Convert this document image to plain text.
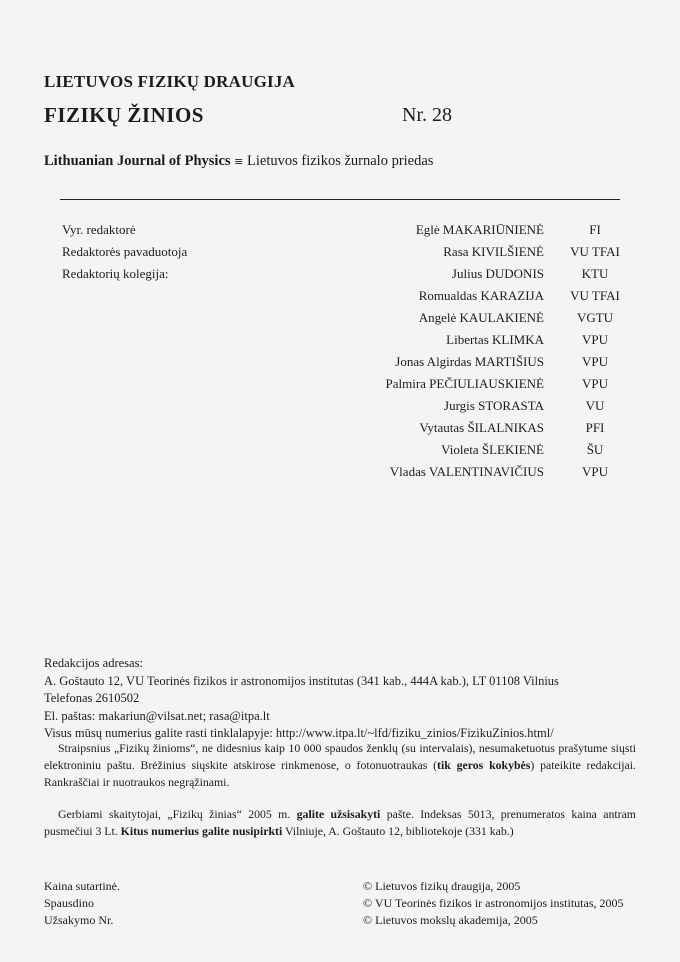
LIETUVOS FIZIKŲ DRAUGIJA
FIZIKŲ ŽINIOS	Nr. 28
Lithuanian Journal of Physics ≡ Lietuvos fizikos žurnalo priedas
Vyr. redaktorė
Redaktorės pavaduotoja
Redaktorių kolegija:
Eglė MAKARIŪNIENĖ
Rasa KIVILŠIENĖ
Julius DUDONIS
Romualdas KARAZIJA
Angelė KAULAKIENĖ
Libertas KLIMKA
Jonas Algirdas MARTIŠIUS
Palmira PEČIULIAUSKIENĖ
Jurgis STORASTA
Vytautas ŠILALNIKAS
Violeta ŠLEKIENĖ
Vladas VALENTINAVIČIUS
FI
VU TFAI
KTU
VU TFAI
VGTU
VPU
VPU
VPU
VU
PFI
ŠU
VPU
Redakcijos adresas:
A. Goštauto 12, VU Teorinės fizikos ir astronomijos institutas (341 kab., 444A kab.), LT 01108 Vilnius
Telefonas 2610502
El. paštas: makariun@vilsat.net; rasa@itpa.lt
Visus mūsų numerius galite rasti tinklalapyje: http://www.itpa.lt/~lfd/fiziku_zinios/FizikuZinios.html/
Straipsnius „Fizikų žinioms“, ne didesnius kaip 10 000 spaudos ženklų (su intervalais), nesumaketuotus prašytume siųsti elektroniniu paštu. Brėžinius siųskite atskirose rinkmenose, o fotonuotraukas (tik geros kokybės) pateikite redakcijai. Rankraščiai ir nuotraukos negrąžinami.
Gerbiami skaitytojai, „Fizikų žinias“ 2005 m. galite užsisakyti pašte. Indeksas 5013, prenumeratos kaina antram pusmečiui 3 Lt. Kitus numerius galite nusipirkti Vilniuje, A. Goštauto 12, bibliotekoje (331 kab.)
Kaina sutartinė.
Spausdino
Užsakymo Nr.
© Lietuvos fizikų draugija, 2005
© VU Teorinės fizikos ir astronomijos institutas, 2005
© Lietuvos mokslų akademija, 2005
